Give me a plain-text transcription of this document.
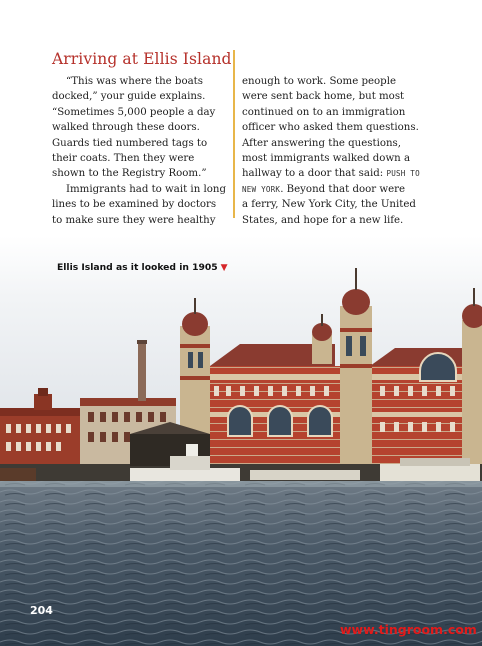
Arriving at Ellis Island

“This was where the boats

docked,” your guide explains.

“Sometimes 5,000 people a day

walked through these doors.

Guards tied numbered tags to

their coats. Then they were

shown to the Registry Room.”

Immigrants had to wait in long

lines to be examined by doctors

to make sure they were healthy

enough to work. Some people

were sent back home, but most

continued on to an immigration

officer who asked them questions.

After answering the questions,

most immigrants walked down a

hallway to a door that said: PUSH TO

NEW YORK. Beyond that door were

a ferry, New York City, the United

States, and hope for a new life.

Ellis Island as it looked in 1905 ▼
204
www.tingroom.com
